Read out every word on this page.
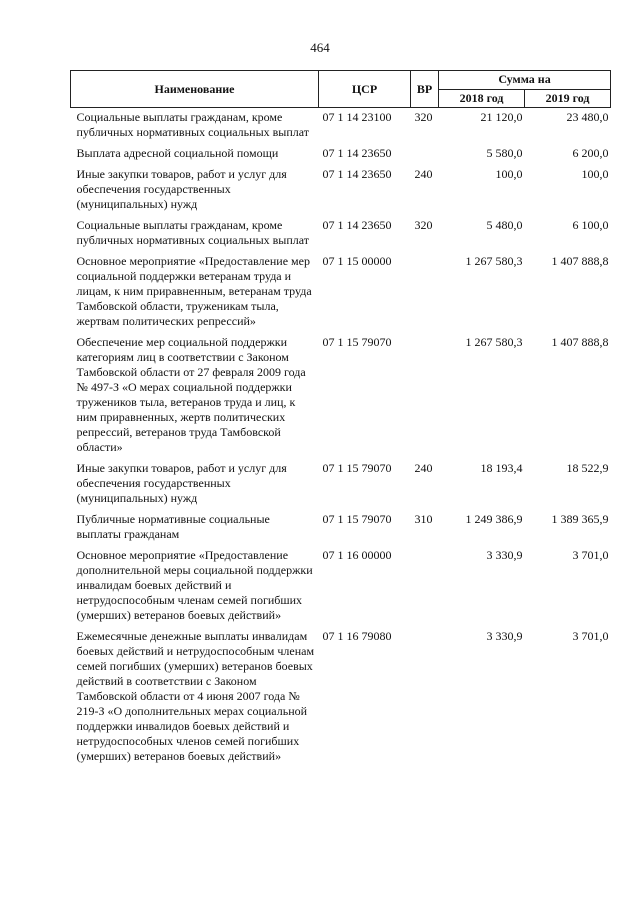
464
Наименование	ЦСР	ВР	Сумма на	
			2018 год	2019 год
Социальные выплаты гражданам, кроме публичных нормативных социальных выплат	07 1 14 23100	320	21 120,0	23 480,0
Выплата адресной социальной помощи	07 1 14 23650		5 580,0	6 200,0
Иные закупки товаров, работ и услуг для обеспечения государственных (муниципальных) нужд	07 1 14 23650	240	100,0	100,0
Социальные выплаты гражданам, кроме публичных нормативных социальных выплат	07 1 14 23650	320	5 480,0	6 100,0
Основное мероприятие «Предоставление мер социальной поддержки ветеранам труда и лицам, к ним приравненным, ветеранам труда Тамбовской области, труженикам тыла, жертвам политических репрессий»	07 1 15 00000		1 267 580,3	1 407 888,8
Обеспечение мер социальной поддержки категориям лиц в соответствии с Законом Тамбовской области от 27 февраля 2009 года № 497-З «О мерах социальной поддержки тружеников тыла, ветеранов труда и лиц, к ним приравненных, жертв политических репрессий, ветеранов труда Тамбовской области»	07 1 15 79070		1 267 580,3	1 407 888,8
Иные закупки товаров, работ и услуг для обеспечения государственных (муниципальных) нужд	07 1 15 79070	240	18 193,4	18 522,9
Публичные нормативные социальные выплаты гражданам	07 1 15 79070	310	1 249 386,9	1 389 365,9
Основное мероприятие «Предоставление дополнительной меры социальной поддержки инвалидам боевых действий и нетрудоспособным членам семей погибших (умерших) ветеранов боевых действий»	07 1 16 00000		3 330,9	3 701,0
Ежемесячные денежные выплаты инвалидам боевых действий и нетрудоспособным членам семей погибших (умерших) ветеранов боевых действий в соответствии с Законом Тамбовской области от 4 июня 2007 года № 219-З «О дополнительных мерах социальной поддержки инвалидов боевых действий и нетрудоспособных членов семей погибших (умерших) ветеранов боевых действий»	07 1 16 79080		3 330,9	3 701,0
